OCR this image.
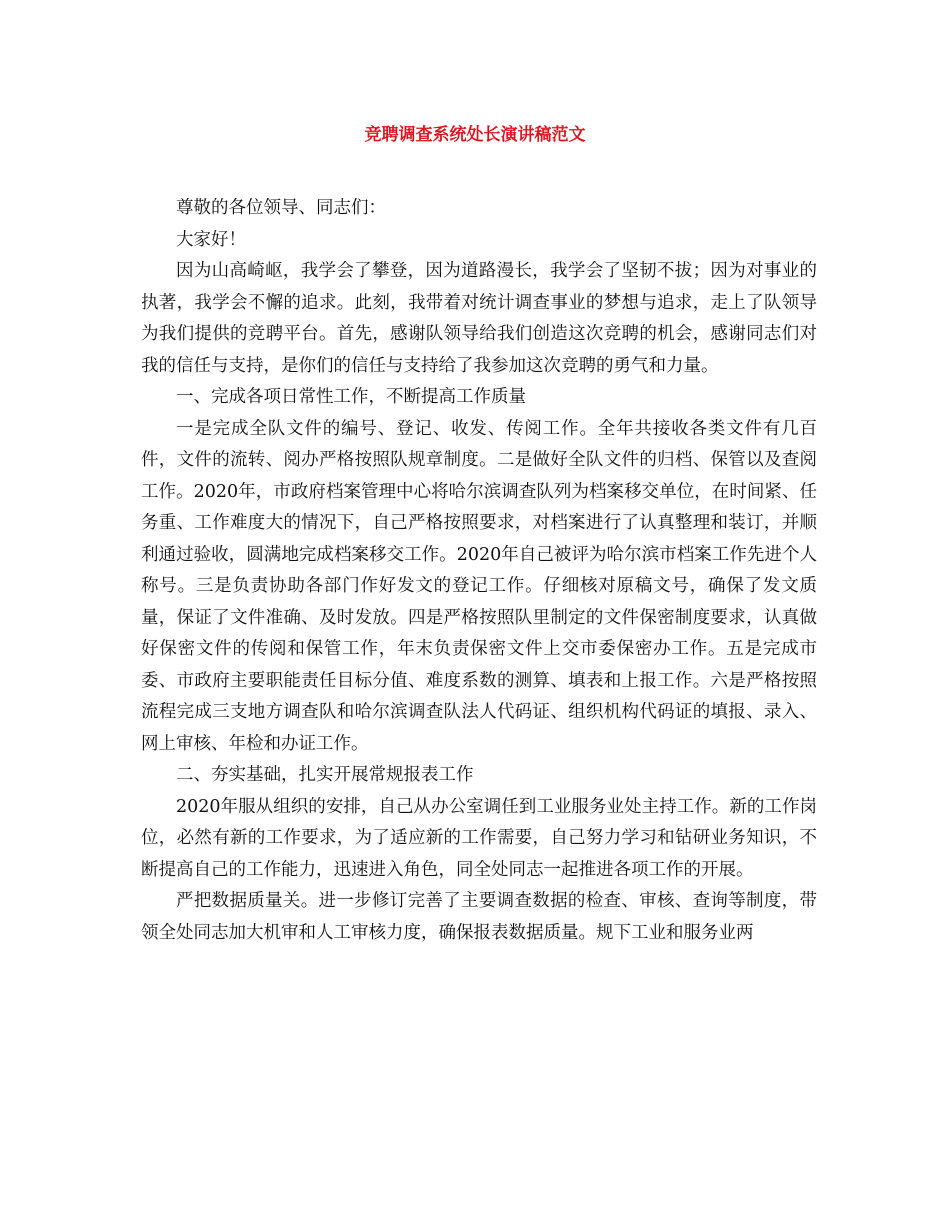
竞聘调查系统处长演讲稿范文

尊敬的各位领导、同志们：

大家好！

因为山高崎岖，我学会了攀登，因为道路漫长，我学会了坚韧不拔；因为对事业的执著，我学会不懈的追求。此刻，我带着对统计调查事业的梦想与追求，走上了队领导为我们提供的竞聘平台。首先，感谢队领导给我们创造这次竞聘的机会，感谢同志们对我的信任与支持，是你们的信任与支持给了我参加这次竞聘的勇气和力量。

一、完成各项日常性工作，不断提高工作质量

一是完成全队文件的编号、登记、收发、传阅工作。全年共接收各类文件有几百件，文件的流转、阅办严格按照队规章制度。二是做好全队文件的归档、保管以及查阅工作。2020年，市政府档案管理中心将哈尔滨调查队列为档案移交单位，在时间紧、任务重、工作难度大的情况下，自己严格按照要求，对档案进行了认真整理和装订，并顺利通过验收，圆满地完成档案移交工作。2020年自己被评为哈尔滨市档案工作先进个人称号。三是负责协助各部门作好发文的登记工作。仔细核对原稿文号，确保了发文质量，保证了文件准确、及时发放。四是严格按照队里制定的文件保密制度要求，认真做好保密文件的传阅和保管工作，年末负责保密文件上交市委保密办工作。五是完成市委、市政府主要职能责任目标分值、难度系数的测算、填表和上报工作。六是严格按照流程完成三支地方调查队和哈尔滨调查队法人代码证、组织机构代码证的填报、录入、网上审核、年检和办证工作。

二、夯实基础，扎实开展常规报表工作

2020年服从组织的安排，自己从办公室调任到工业服务业处主持工作。新的工作岗位，必然有新的工作要求，为了适应新的工作需要，自己努力学习和钻研业务知识，不断提高自己的工作能力，迅速进入角色，同全处同志一起推进各项工作的开展。

严把数据质量关。进一步修订完善了主要调查数据的检查、审核、查询等制度，带领全处同志加大机审和人工审核力度，确保报表数据质量。规下工业和服务业两
